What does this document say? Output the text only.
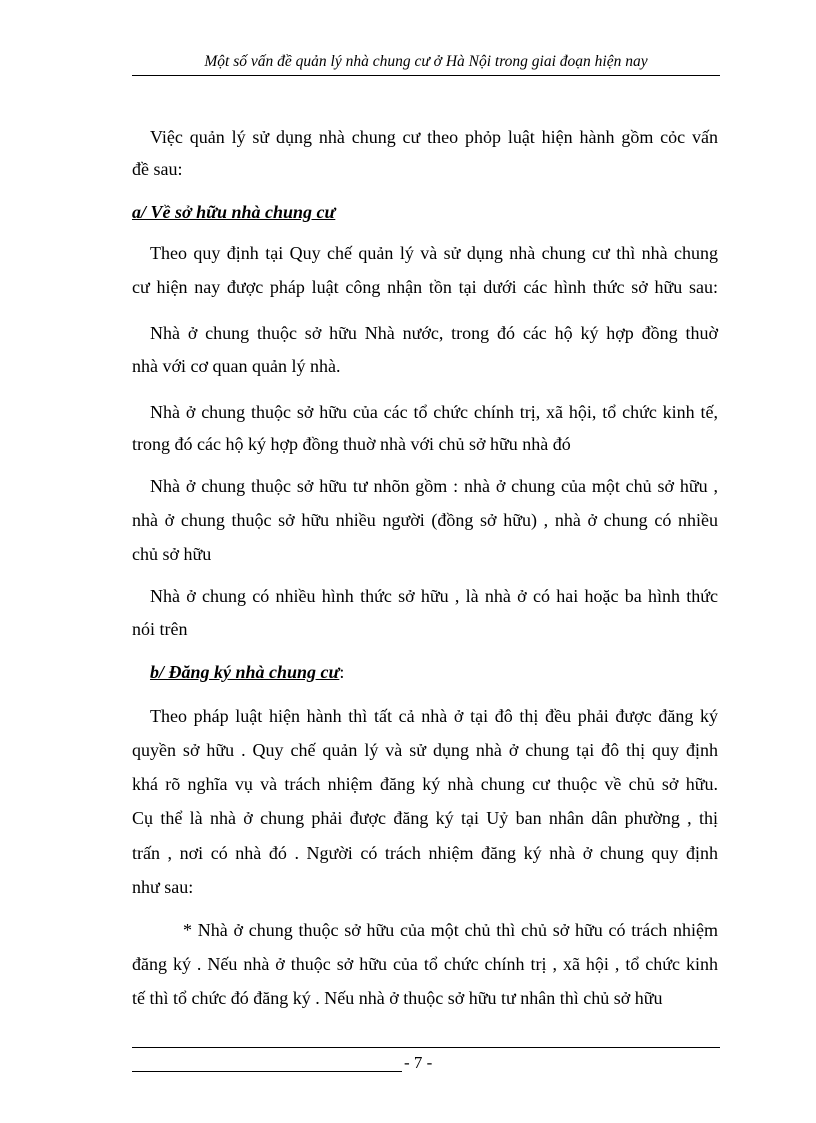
Một số vấn đề quản lý nhà chung cư ở Hà Nội trong giai đoạn hiện nay
Việc quản lý sử dụng nhà chung cư theo phỏp luật hiện hành gồm cỏc vấn
đề sau:
a/ Về sở hữu nhà chung cư
Theo quy định tại Quy chế quản lý và sử dụng nhà chung cư thì nhà chung
cư hiện nay được pháp luật công nhận tồn tại dưới các hình thức sở hữu sau:
Nhà ở chung thuộc sở hữu Nhà nước, trong đó các hộ ký hợp đồng thuờ
nhà với cơ quan quản lý nhà.
Nhà ở chung thuộc sở hữu của các tổ chức chính trị, xã hội, tổ chức kinh tế,
trong đó các hộ ký hợp đồng thuờ nhà với chủ sở hữu nhà đó
Nhà ở chung thuộc sở hữu tư nhõn gồm : nhà ở chung của một chủ sở hữu ,
nhà ở chung thuộc sở hữu nhiều người (đồng sở hữu) , nhà ở chung có nhiều
chủ sở hữu
Nhà ở chung có nhiều hình thức sở hữu , là nhà ở có hai hoặc ba hình thức
nói trên
b/ Đăng ký nhà chung cư:
Theo pháp luật hiện hành thì tất cả nhà ở tại đô thị đều phải được đăng ký
quyền sở hữu . Quy chế quản lý và sử dụng nhà ở chung tại đô thị quy định
khá rõ nghĩa vụ và trách nhiệm đăng ký nhà chung cư thuộc về chủ sở hữu.
Cụ thể là nhà ở chung phải được đăng ký tại Uỷ ban nhân dân phường , thị
trấn , nơi có nhà đó . Người có trách nhiệm đăng ký nhà ở chung quy định
như sau:
* Nhà ở chung thuộc sở hữu của một chủ thì chủ sở hữu có trách nhiệm
đăng ký . Nếu nhà ở thuộc sở hữu của tổ chức chính trị , xã hội , tổ chức kinh
tế thì tổ chức đó đăng ký . Nếu nhà ở thuộc sở hữu tư nhân thì chủ sở hữu
- 7 -
